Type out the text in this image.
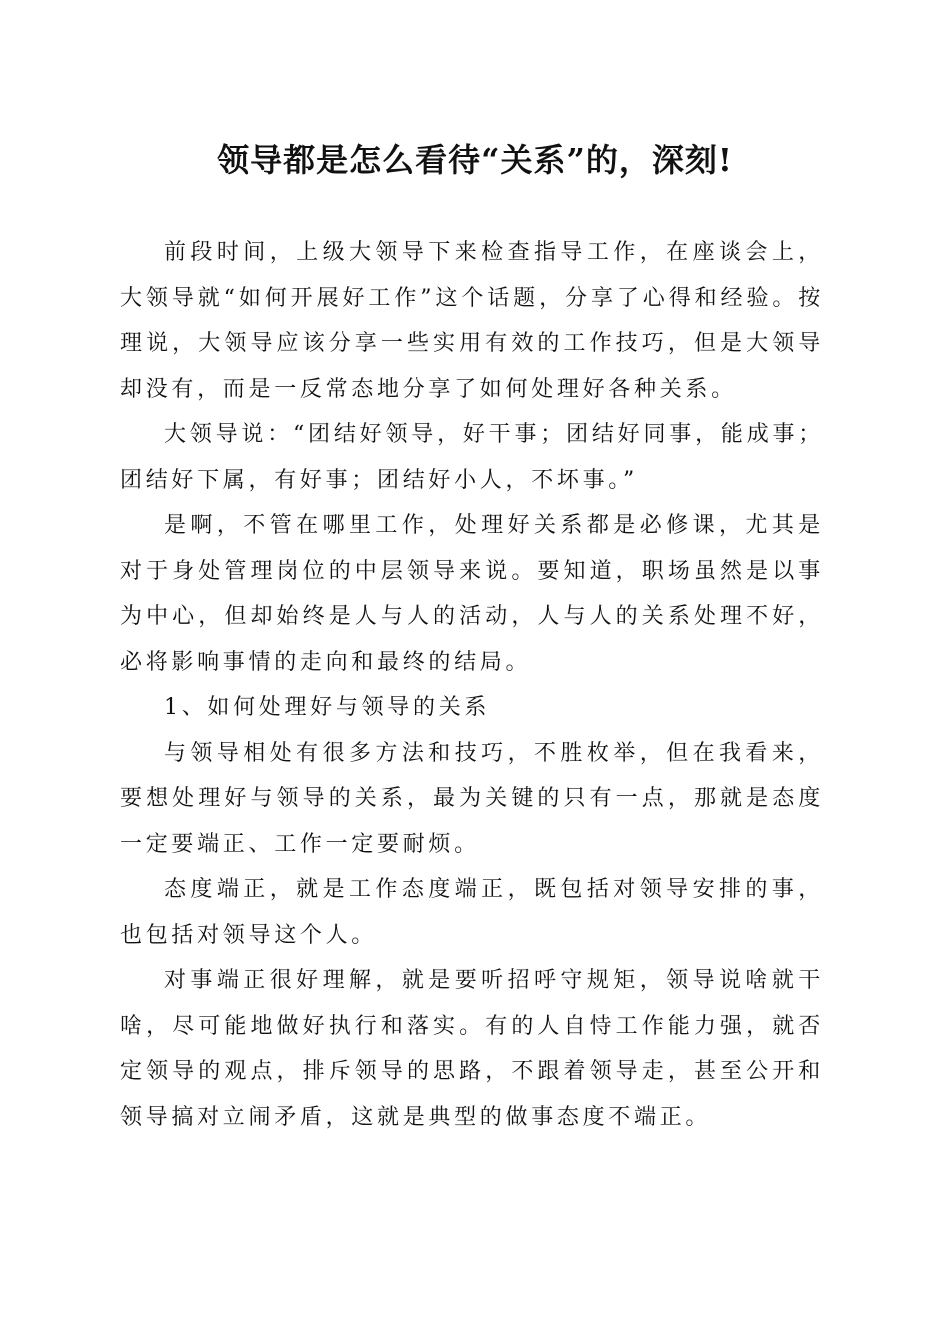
领导都是怎么看待“关系”的，深刻!

前段时间，上级大领导下来检查指导工作，在座谈会上，大领导就“如何开展好工作”这个话题，分享了心得和经验。按理说，大领导应该分享一些实用有效的工作技巧，但是大领导却没有，而是一反常态地分享了如何处理好各种关系。

大领导说：“团结好领导，好干事；团结好同事，能成事；团结好下属，有好事；团结好小人，不坏事。”

是啊，不管在哪里工作，处理好关系都是必修课，尤其是对于身处管理岗位的中层领导来说。要知道，职场虽然是以事为中心，但却始终是人与人的活动，人与人的关系处理不好，必将影响事情的走向和最终的结局。

1、如何处理好与领导的关系

与领导相处有很多方法和技巧，不胜枚举，但在我看来，要想处理好与领导的关系，最为关键的只有一点，那就是态度一定要端正、工作一定要耐烦。

态度端正，就是工作态度端正，既包括对领导安排的事，也包括对领导这个人。

对事端正很好理解，就是要听招呼守规矩，领导说啥就干啥，尽可能地做好执行和落实。有的人自恃工作能力强，就否定领导的观点，排斥领导的思路，不跟着领导走，甚至公开和领导搞对立闹矛盾，这就是典型的做事态度不端正。
